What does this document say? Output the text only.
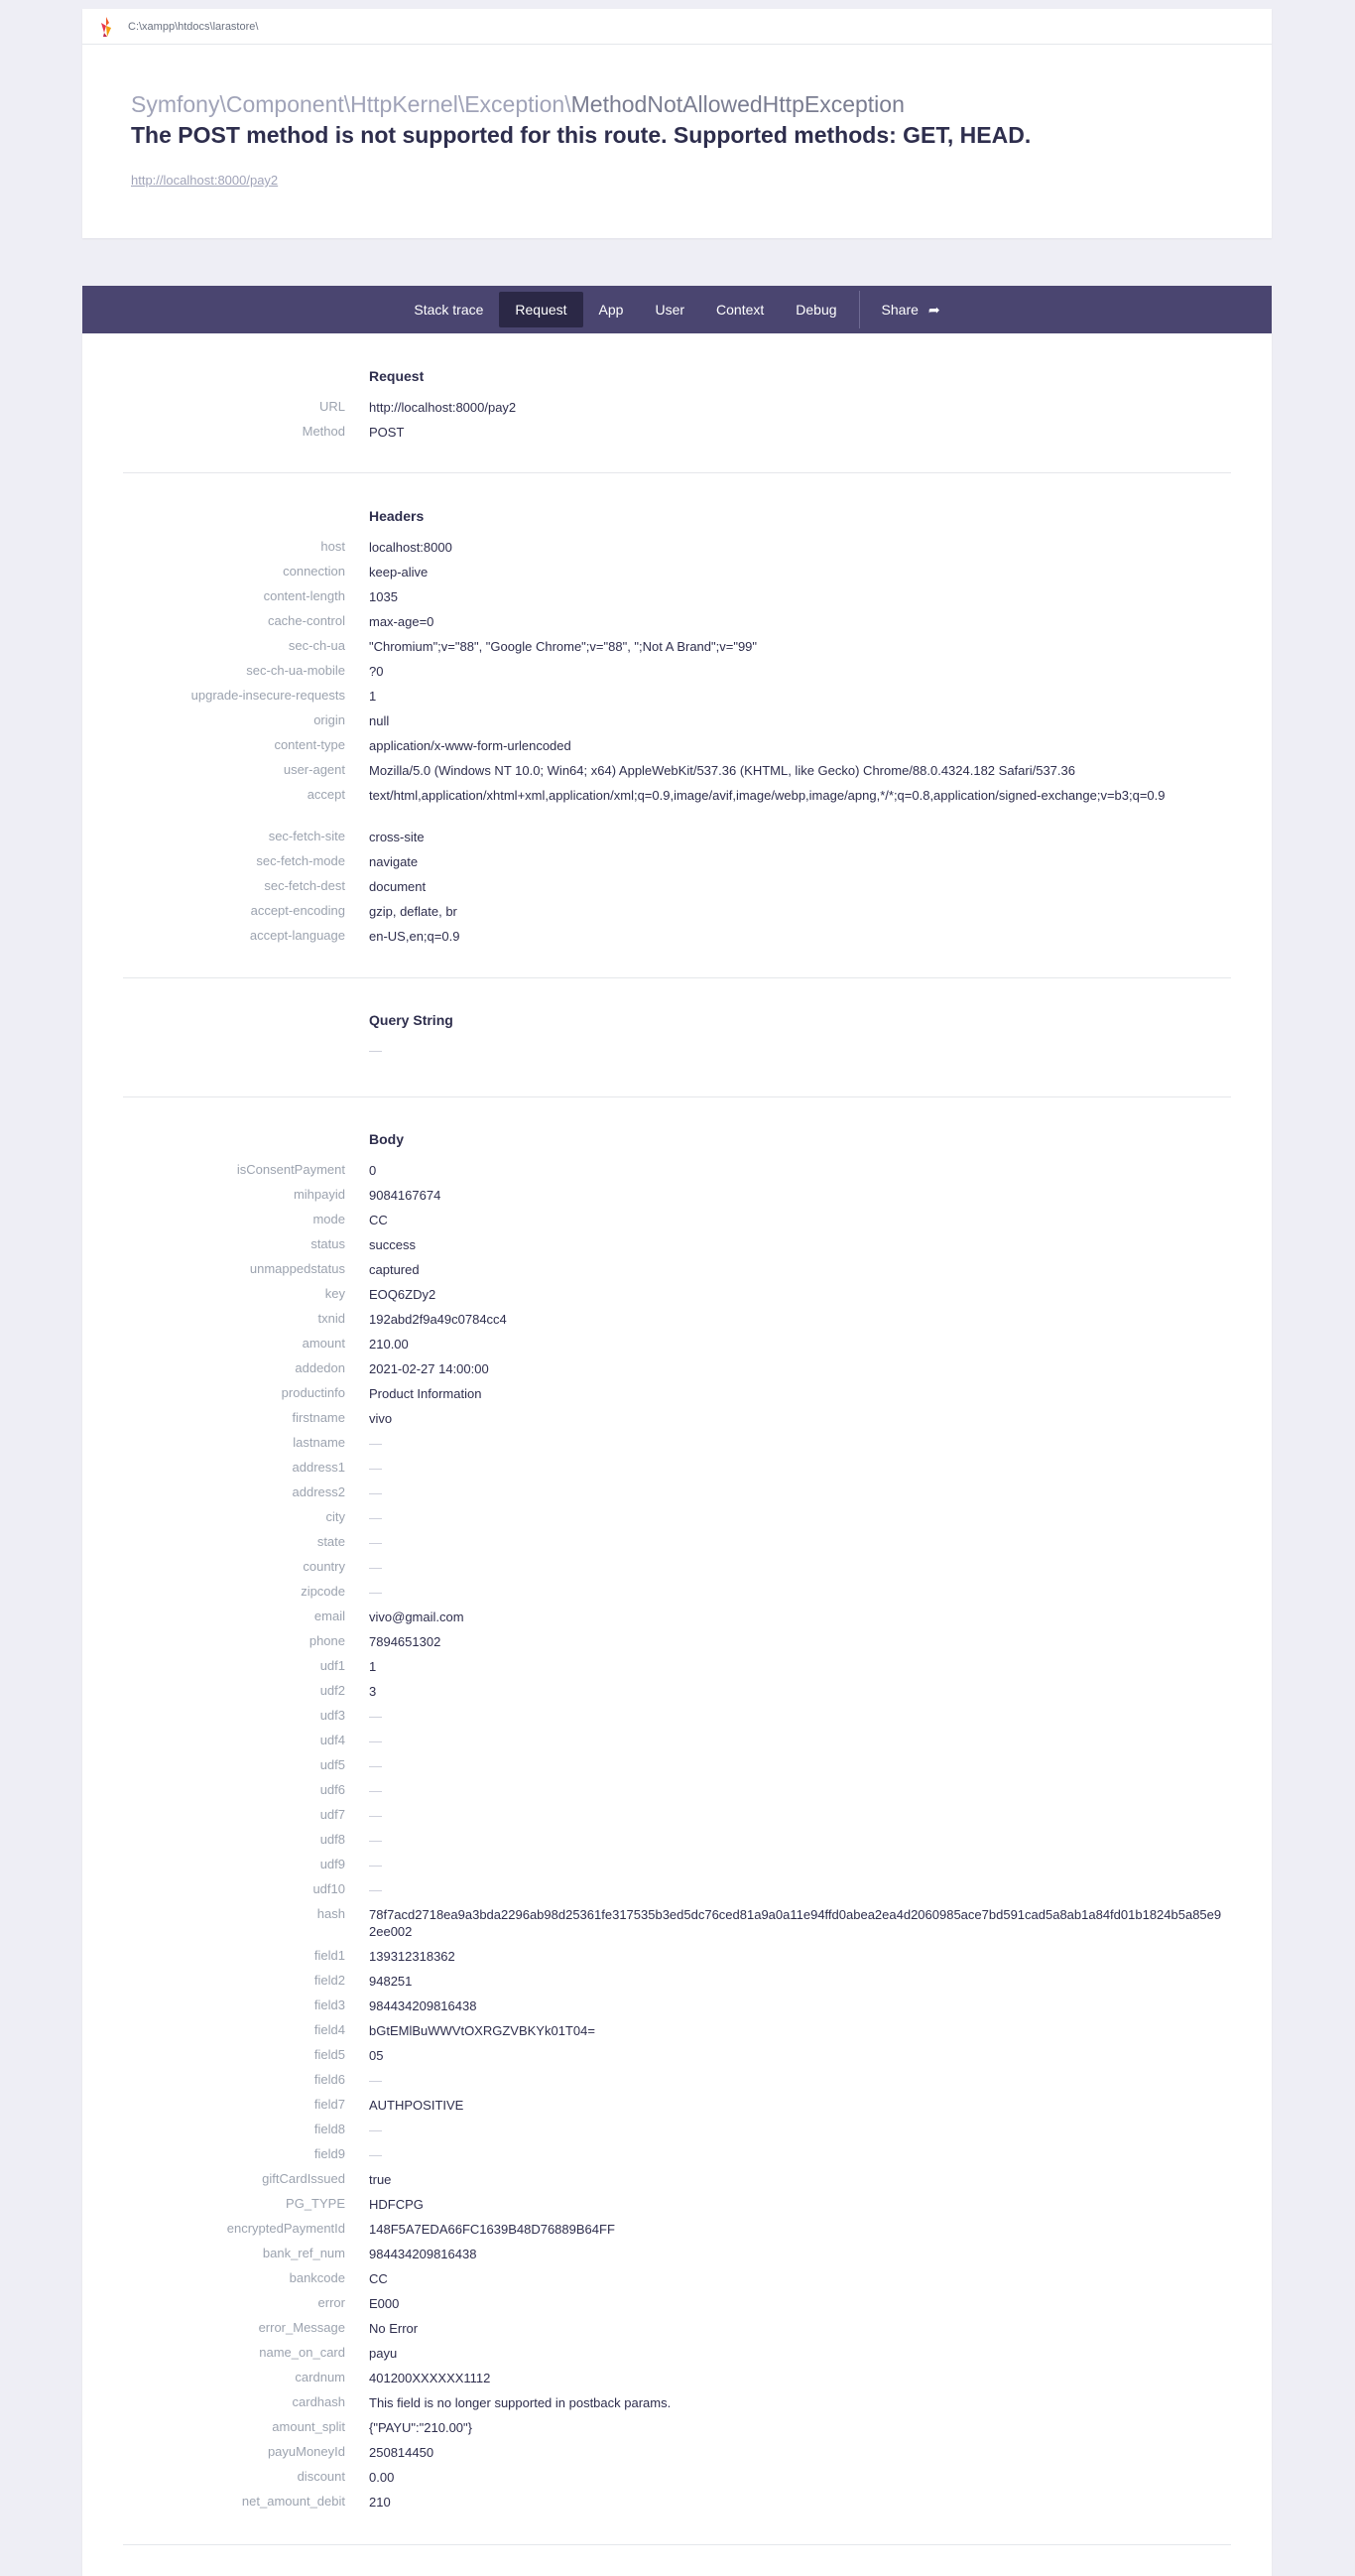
C:\xampp\htdocs\larastore\
Symfony\Component\HttpKernel\Exception\MethodNotAllowedHttpException
The POST method is not supported for this route. Supported methods: GET, HEAD.
http://localhost:8000/pay2
Stack trace	Request	App	User	Context	Debug	Share ➦
Request
URL http://localhost:8000/pay2
Method POST
Headers
host localhost:8000
connection keep-alive
content-length 1035
cache-control max-age=0
sec-ch-ua "Chromium";v="88", "Google Chrome";v="88", ";Not A Brand";v="99"
sec-ch-ua-mobile ?0
upgrade-insecure-requests 1
origin null
content-type application/x-www-form-urlencoded
user-agent Mozilla/5.0 (Windows NT 10.0; Win64; x64) AppleWebKit/537.36 (KHTML, like Gecko) Chrome/88.0.4324.182 Safari/537.36
accept text/html,application/xhtml+xml,application/xml;q=0.9,image/avif,image/webp,image/apng,*/*;q=0.8,application/signed-exchange;v=b3;q=0.9
sec-fetch-site cross-site
sec-fetch-mode navigate
sec-fetch-dest document
accept-encoding gzip, deflate, br
accept-language en-US,en;q=0.9
Query String
—
Body
isConsentPayment 0
mihpayid 9084167674
mode CC
status success
unmappedstatus captured
key EOQ6ZDy2
txnid 192abd2f9a49c0784cc4
amount 210.00
addedon 2021-02-27 14:00:00
productinfo Product Information
firstname vivo
lastname —
address1 —
address2 —
city —
state —
country —
zipcode —
email vivo@gmail.com
phone 7894651302
udf1 1
udf2 3
udf3 —
udf4 —
udf5 —
udf6 —
udf7 —
udf8 —
udf9 —
udf10 —
hash 78f7acd2718ea9a3bda2296ab98d25361fe317535b3ed5dc76ced81a9a0a11e94ffd0abea2ea4d2060985ace7bd591cad5a8ab1a84fd01b1824b5a85e92ee002
field1 139312318362
field2 948251
field3 984434209816438
field4 bGtEMlBuWWVtOXRGZVBKYk01T04=
field5 05
field6 —
field7 AUTHPOSITIVE
field8 —
field9 —
giftCardIssued true
PG_TYPE HDFCPG
encryptedPaymentId 148F5A7EDA66FC1639B48D76889B64FF
bank_ref_num 984434209816438
bankcode CC
error E000
error_Message No Error
name_on_card payu
cardnum 401200XXXXXX1112
cardhash This field is no longer supported in postback params.
amount_split {"PAYU":"210.00"}
payuMoneyId 250814450
discount 0.00
net_amount_debit 210
